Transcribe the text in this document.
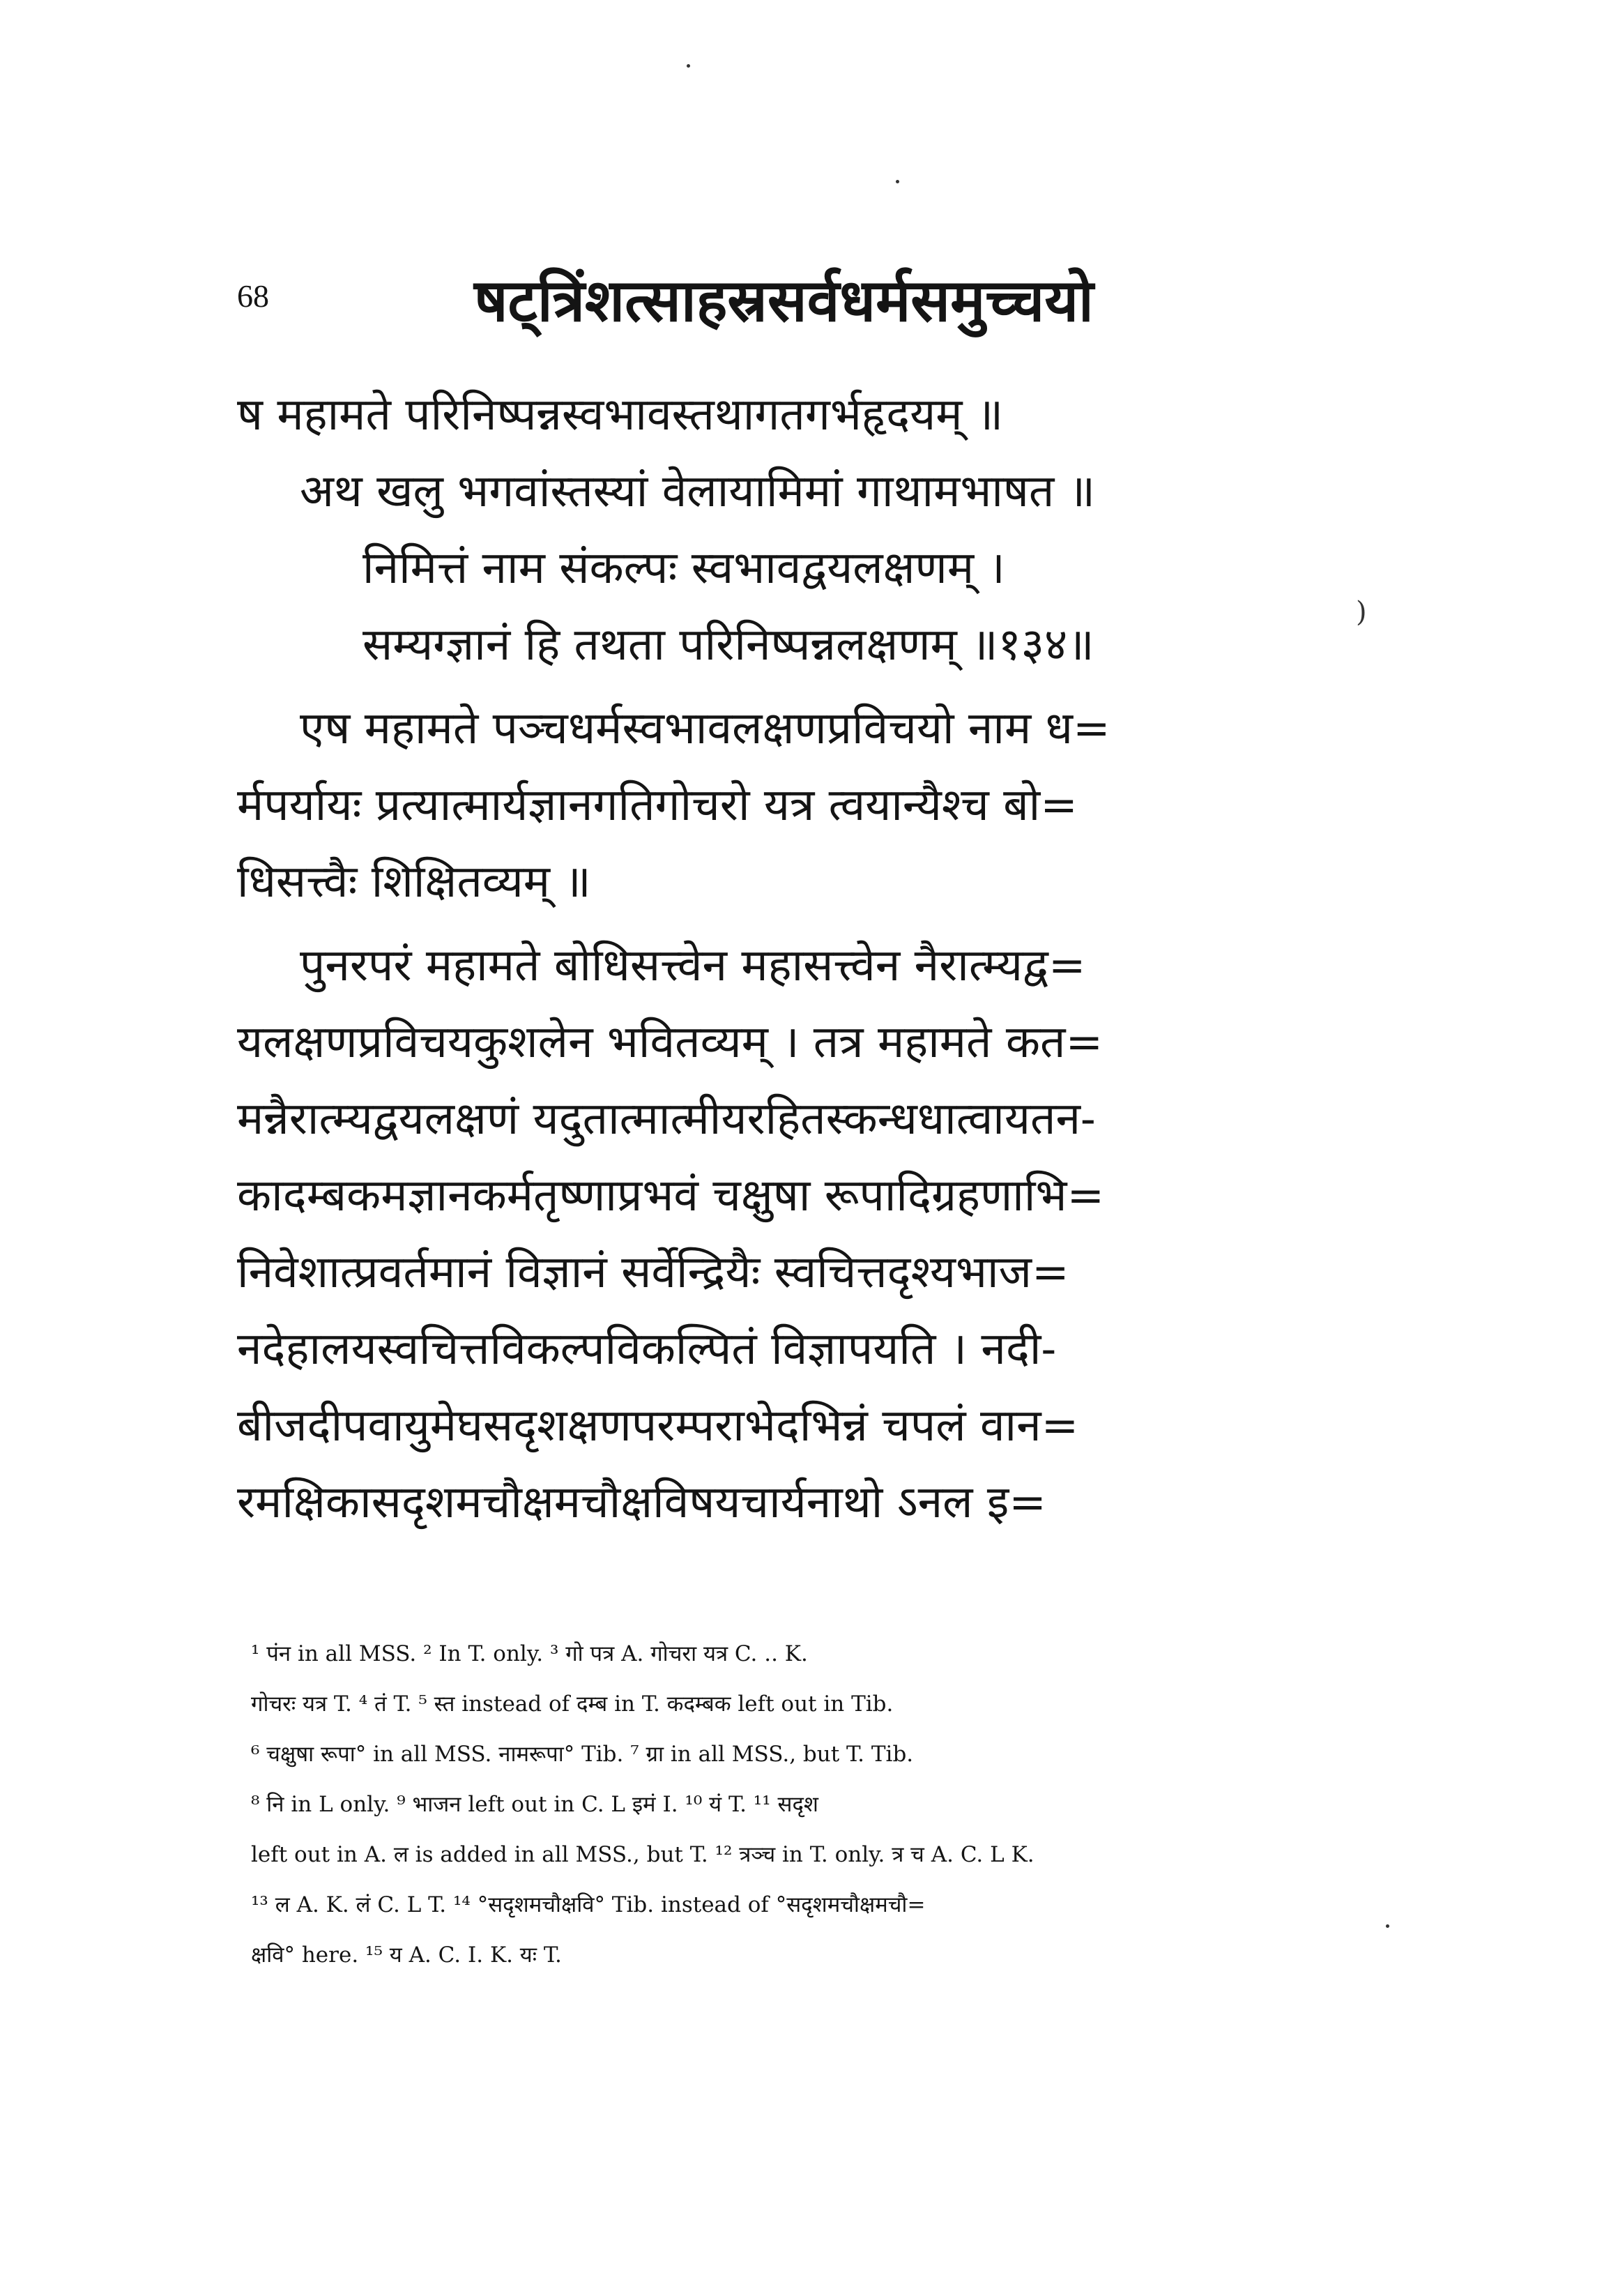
)
68	षट्त्रिंशत्साहस्रसर्वधर्मसमुच्चयो
ष महामते परिनिष्पन्नस्वभावस्तथागतगर्भहृदयम् ॥
अथ खलु भगवांस्तस्यां वेलायामिमां गाथामभाषत ॥
निमित्तं नाम संकल्पः स्वभावद्वयलक्षणम् ।
सम्यग्ज्ञानं हि तथता परिनिष्पन्नलक्षणम् ॥१३४॥
एष महामते पञ्चधर्मस्वभावलक्षणप्रविचयो नाम ध=
र्मपर्यायः प्रत्यात्मार्यज्ञानगतिगोचरो यत्र त्वयान्यैश्च बो=
धिसत्त्वैः शिक्षितव्यम् ॥
पुनरपरं महामते बोधिसत्त्वेन महासत्त्वेन नैरात्म्यद्व=
यलक्षणप्रविचयकुशलेन भवितव्यम् । तत्र महामते कत=
मन्नैरात्म्यद्वयलक्षणं यदुतात्मात्मीयरहितस्कन्धधात्वायतन-
कादम्बकमज्ञानकर्मतृष्णाप्रभवं चक्षुषा रूपादिग्रहणाभि=
निवेशात्प्रवर्तमानं विज्ञानं सर्वेन्द्रियैः स्वचित्तदृश्यभाज=
नदेहालयस्वचित्तविकल्पविकल्पितं विज्ञापयति । नदी-
बीजदीपवायुमेघसदृशक्षणपरम्पराभेदभिन्नं चपलं वान=
रमक्षिकासदृशमचौक्षमचौक्षविषयचार्यनाथो ऽनल इ=
¹ पंन in all MSS. ² In T. only. ³ गो पत्र A. गोचरा यत्र C. .. K.
गोचरः यत्र T. ⁴ तं T. ⁵ स्त instead of दम्ब in T. कदम्बक left out in Tib.
⁶ चक्षुषा रूपा° in all MSS. नामरूपा° Tib. ⁷ ग्रा in all MSS., but T. Tib.
⁸ नि in L only. ⁹ भाजन left out in C. L इमं I. ¹⁰ यं T. ¹¹ सदृश
left out in A. ल is added in all MSS., but T. ¹² त्रञ्च in T. only. त्र च A. C. L K.
¹³ ल A. K. लं C. L T. ¹⁴ °सदृशमचौक्षवि° Tib. instead of °सदृशमचौक्षमचौ=
क्षवि° here. ¹⁵ य A. C. I. K. यः T.
